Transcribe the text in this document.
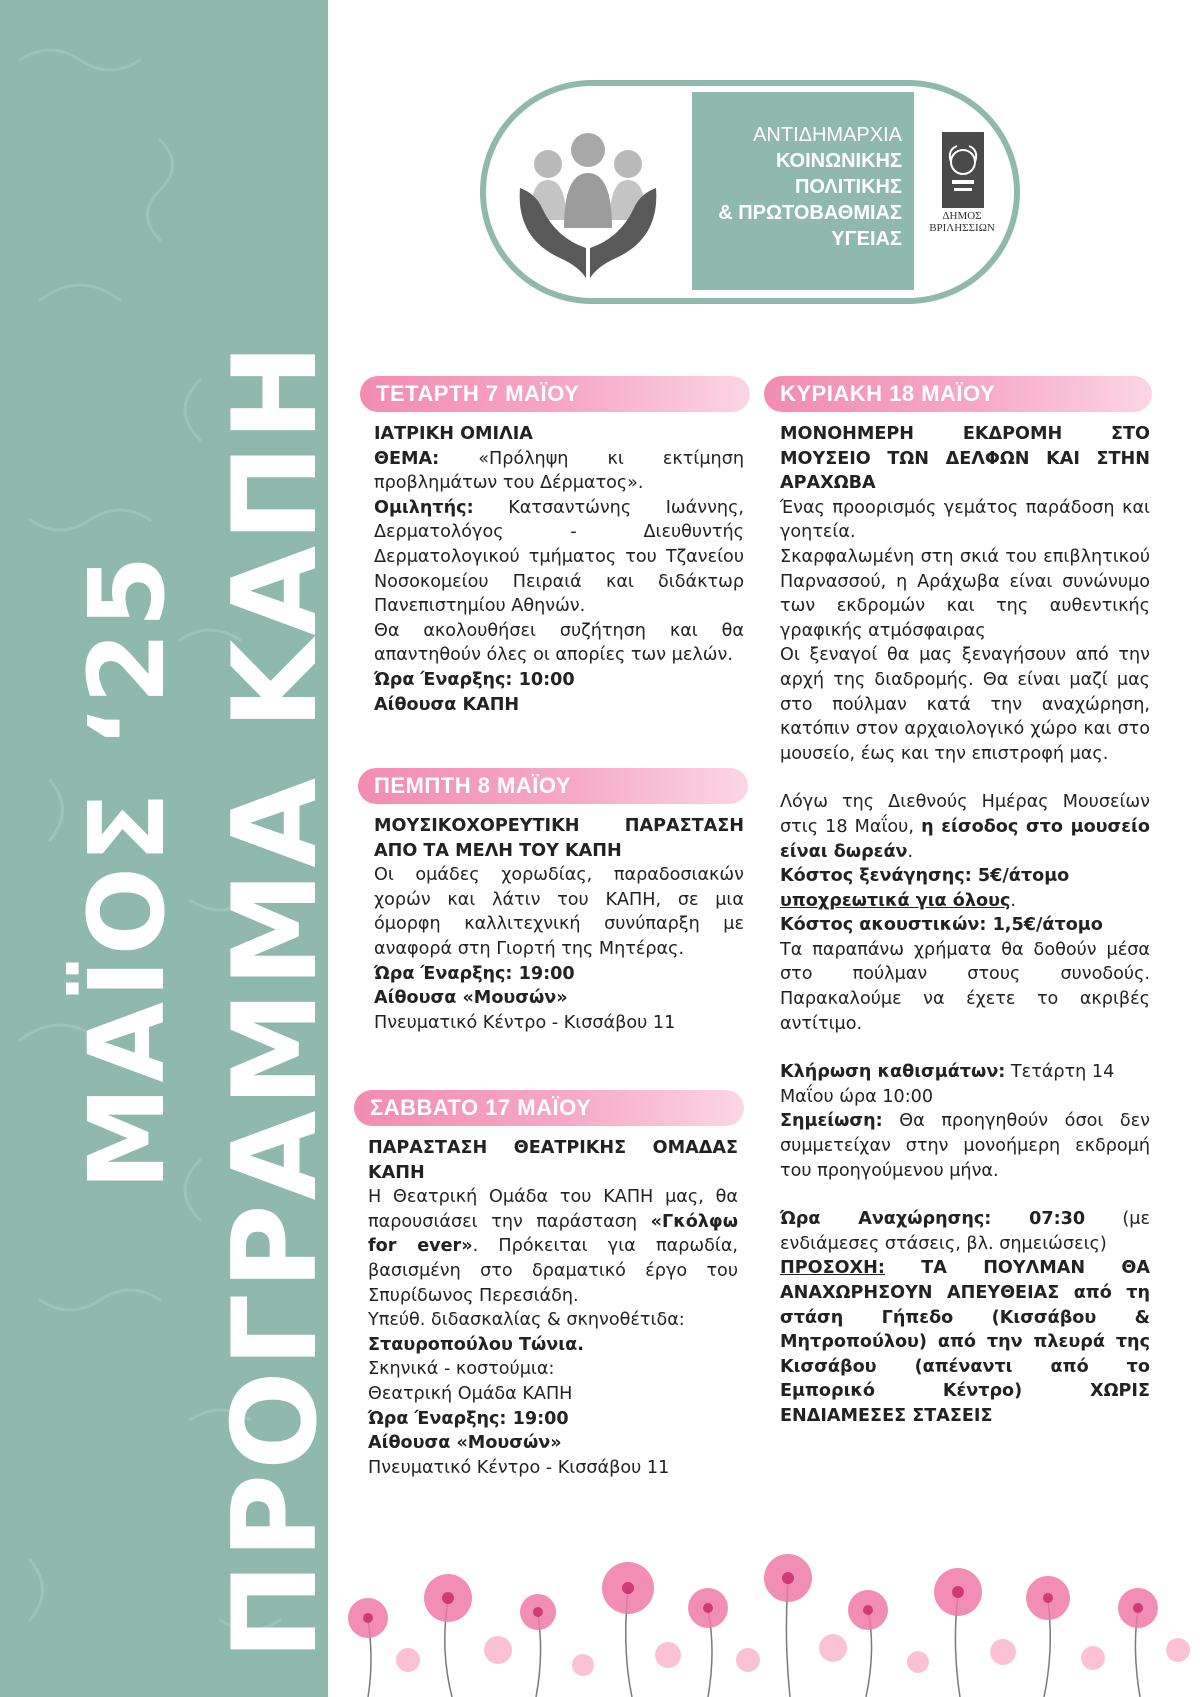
ΠΡΟΓΡΑΜΜΑ ΚΑΠΗ
ΜΑΪΟΣ ‘25
ΑΝΤΙΔΗΜΑΡΧΙΑ
ΚΟΙΝΩΝΙΚΗΣ
ΠΟΛΙΤΙΚΗΣ
& ΠΡΩΤΟΒΑΘΜΙΑΣ
ΥΓΕΙΑΣ
ΔΗΜΟΣ
ΒΡΙΛΗΣΣΙΩΝ
ΤΕΤΑΡΤΗ 7 ΜΑΪΟΥ

ΙΑΤΡΙΚΗ ΟΜΙΛΙΑ

ΘΕΜΑ: «Πρόληψη κι εκτίμηση προβλημάτων του Δέρματος».

Ομιλητής: Κατσαντώνης Ιωάννης, Δερματολόγος - Διευθυντής Δερματολογικού τμήματος του Τζανείου Νοσοκομείου Πειραιά και διδάκτωρ Πανεπιστημίου Αθηνών.

Θα ακολουθήσει συζήτηση και θα απαντηθούν όλες οι απορίες των μελών.

Ώρα Έναρξης: 10:00

Αίθουσα ΚΑΠΗ

ΠΕΜΠΤΗ 8 ΜΑΪΟΥ

ΜΟΥΣΙΚΟΧΟΡΕΥΤΙΚΗ ΠΑΡΑΣΤΑΣΗ ΑΠΟ ΤΑ ΜΕΛΗ ΤΟΥ ΚΑΠΗ

Οι ομάδες χορωδίας, παραδοσιακών χορών και λάτιν του ΚΑΠΗ, σε μια όμορφη καλλιτεχνική συνύπαρξη με αναφορά στη Γιορτή της Μητέρας.

Ώρα Έναρξης: 19:00

Αίθουσα «Μουσών»

Πνευματικό Κέντρο - Κισσάβου 11

ΣΑΒΒΑΤΟ 17 ΜΑΪΟΥ

ΠΑΡΑΣΤΑΣΗ ΘΕΑΤΡΙΚΗΣ ΟΜΑΔΑΣ ΚΑΠΗ

Η Θεατρική Ομάδα του ΚΑΠΗ μας, θα παρουσιάσει την παράσταση «Γκόλφω for ever». Πρόκειται για παρωδία, βασισμένη στο δραματικό έργο του Σπυρίδωνος Περεσιάδη.

Υπεύθ. διδασκαλίας & σκηνοθέτιδα:

Σταυροπούλου Τώνια.

Σκηνικά - κοστούμια:

Θεατρική Ομάδα ΚΑΠΗ

Ώρα Έναρξης: 19:00

Αίθουσα «Μουσών»

Πνευματικό Κέντρο - Κισσάβου 11

ΚΥΡΙΑΚΗ 18 ΜΑΪΟΥ

ΜΟΝΟΗΜΕΡΗ ΕΚΔΡΟΜΗ ΣΤΟ ΜΟΥΣΕΙΟ ΤΩΝ ΔΕΛΦΩΝ ΚΑΙ ΣΤΗΝ ΑΡΑΧΩΒΑ

Ένας προορισμός γεμάτος παράδοση και γοητεία.

Σκαρφαλωμένη στη σκιά του επιβλητικού Παρνασσού, η Αράχωβα είναι συνώνυμο των εκδρομών και της αυθεντικής γραφικής ατμόσφαιρας

Οι ξεναγοί θα μας ξεναγήσουν από την αρχή της διαδρομής. Θα είναι μαζί μας στο πούλμαν κατά την αναχώρηση, κατόπιν στον αρχαιολογικό χώρο και στο μουσείο, έως και την επιστροφή μας.

Λόγω της Διεθνούς Ημέρας Μουσείων στις 18 Μαΐου, η είσοδος στο μουσείο είναι δωρεάν.

Κόστος ξενάγησης: 5€/άτομο

υποχρεωτικά για όλους.

Κόστος ακουστικών: 1,5€/άτομο

Τα παραπάνω χρήματα θα δοθούν μέσα στο πούλμαν στους συνοδούς. Παρακαλούμε να έχετε το ακριβές αντίτιμο.

Κλήρωση καθισμάτων: Τετάρτη 14 Μαΐου ώρα 10:00

Σημείωση: Θα προηγηθούν όσοι δεν συμμετείχαν στην μονοήμερη εκδρομή του προηγούμενου μήνα.

Ώρα Αναχώρησης: 07:30 (με ενδιάμεσες στάσεις, βλ. σημειώσεις)

ΠΡΟΣΟΧΗ: ΤΑ ΠΟΥΛΜΑΝ ΘΑ ΑΝΑΧΩΡΗΣΟΥΝ ΑΠΕΥΘΕΙΑΣ από τη στάση Γήπεδο (Κισσάβου & Μητροπούλου) από την πλευρά της Κισσάβου (απέναντι από το Εμπορικό Κέντρο) ΧΩΡΙΣ ΕΝΔΙΑΜΕΣΕΣ ΣΤΑΣΕΙΣ
